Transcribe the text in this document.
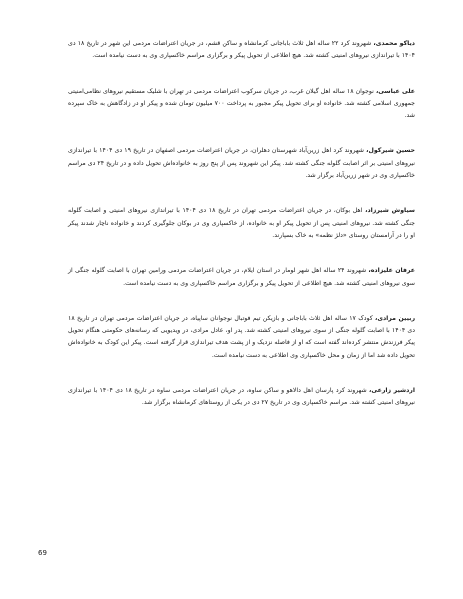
دیاکو محمدی، شهروند کرد ۲۲ ساله اهل ثلاث باباجانی کرمانشاه و ساکن قشم، در جریان اعتراضات مردمی این شهر در تاریخ ۱۸ دی ۱۴۰۴ با تیراندازی نیروهای امنیتی کشته شد. هیچ اطلاعی از تحویل پیکر و برگزاری مراسم خاکسپاری وی به دست نیامده است.

علی عباسی، نوجوان ۱۸ ساله اهل گیلان غرب، در جریان سرکوب اعتراضات مردمی در تهران با شلیک مستقیم نیروهای نظامی‌امنیتی جمهوری اسلامی کشته شد. خانواده او برای تحویل پیکر مجبور به پرداخت ۷۰۰ میلیون تومان شده و پیکر او در زادگاهش به خاک سپرده شد.

حسین شیرکول، شهروند کرد اهل زرین‌آباد شهرستان دهلران، در جریان اعتراضات مردمی اصفهان در تاریخ ۱۹ دی ۱۴۰۴ با تیراندازی نیروهای امنیتی بر اثر اصابت گلوله جنگی کشته شد. پیکر این شهروند پس از پنج روز به خانواده‌اش تحویل داده و در تاریخ ۲۴ دی مراسم خاکسپاری وی در شهر زرین‌آباد برگزار شد.

سیاوش شیرزاد، اهل بوکان، در جریان اعتراضات مردمی تهران در تاریخ ۱۸ دی ۱۴۰۴ با تیراندازی نیروهای امنیتی و اصابت گلوله جنگی کشته شد. نیروهای امنیتی پس از تحویل پیکر او به خانواده، از خاکسپاری وی در بوکان جلوگیری کردند و خانواده ناچار شدند پیکر او را در آرامستان روستای «دلژ نظمه» به خاک بسپارند.

عرفان علیزاده، شهروند ۲۴ ساله اهل شهر لومار در استان ایلام، در جریان اعتراضات مردمی ورامین تهران با اصابت گلوله جنگی از سوی نیروهای امنیتی کشته شد. هیچ اطلاعی از تحویل پیکر و برگزاری مراسم خاکسپاری وی به دست نیامده است.

ربیین مرادی، کودک ۱۷ ساله اهل ثلاث باباجانی و بازیکن تیم فوتبال نوجوانان ساپیاه، در جریان اعتراضات مردمی تهران در تاریخ ۱۸ دی ۱۴۰۴ با اصابت گلوله جنگی از سوی نیروهای امنیتی کشته شد. پدر او، عادل مرادی، در ویدیویی که رسانه‌های حکومتی هنگام تحویل پیکر فرزندش منتشر کرده‌اند گفته است که او از فاصله نزدیک و از پشت هدف تیراندازی قرار گرفته است. پیکر این کودک به خانواده‌اش تحویل داده شد اما از زمان و محل خاکسپاری وی اطلاعی به دست نیامده است.

اردشیر زارعی، شهروند کرد پارسان اهل دالاهو و ساکن ساوه، در جریان اعتراضات مردمی ساوه در تاریخ ۱۸ دی ۱۴۰۴ با تیراندازی نیروهای امنیتی کشته شد. مراسم خاکسپاری وی در تاریخ ۲۷ دی در یکی از روستاهای کرمانشاه برگزار شد.

69
